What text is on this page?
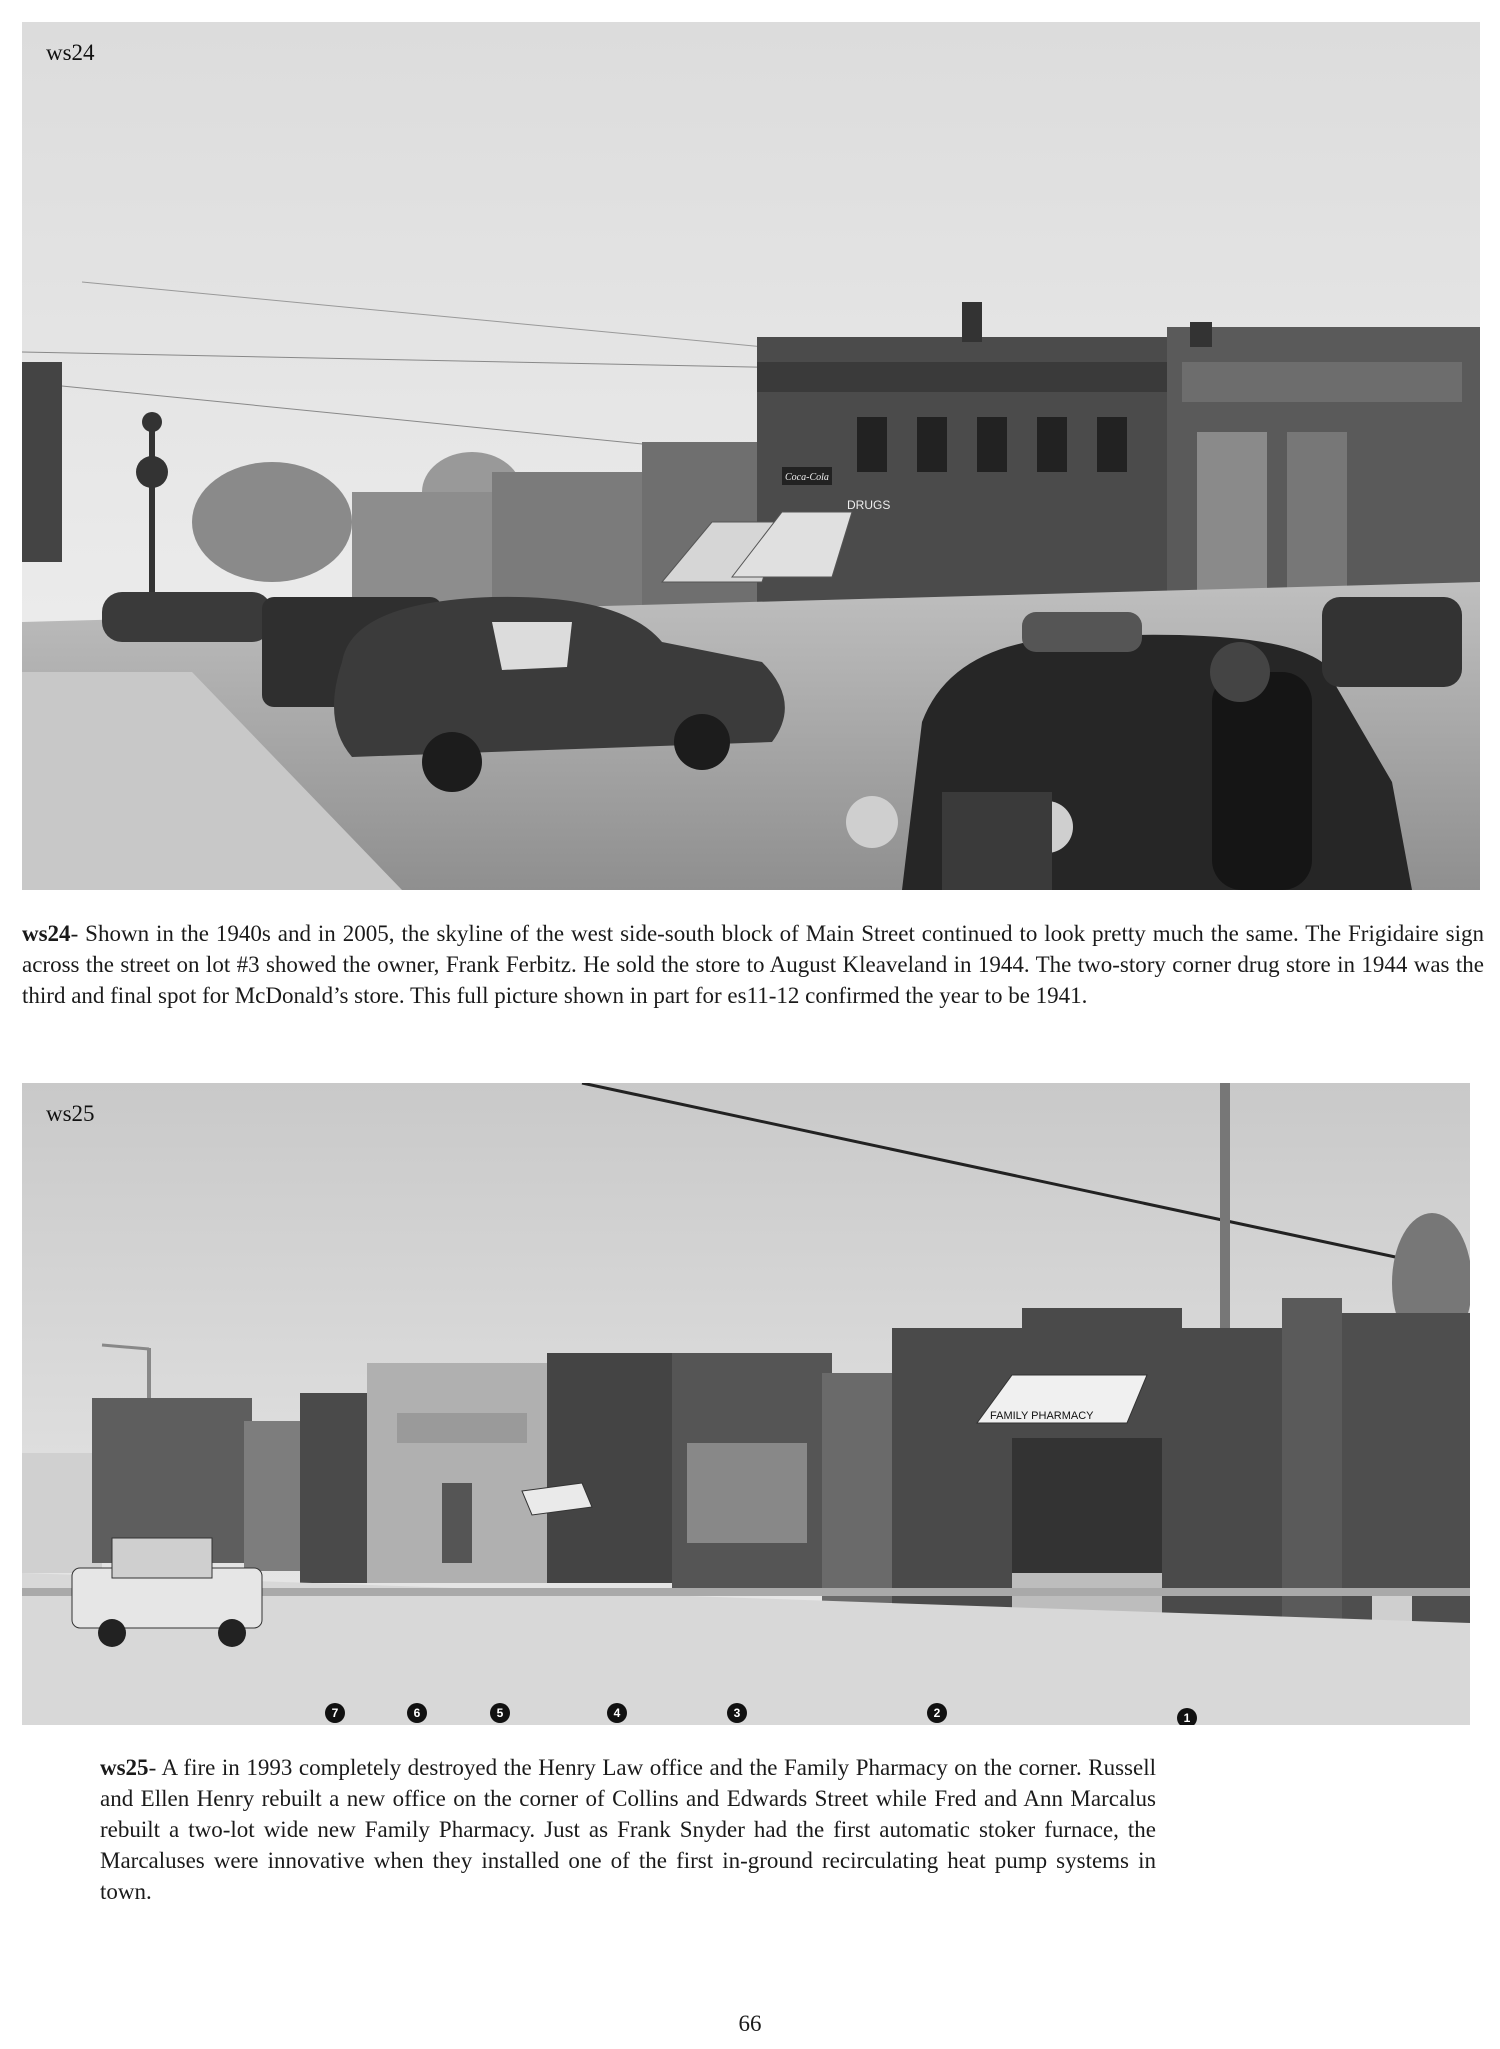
DRUGS
Coca-Cola
ws24
ws24- Shown in the 1940s and in 2005, the skyline of the west side-south block of Main Street continued to look pretty much the same. The Frigidaire sign across the street on lot #3 showed the owner, Frank Ferbitz. He sold the store to August Kleaveland in 1944. The two-story corner drug store in 1944 was the third and final spot for McDonald’s store. This full picture shown in part for es11-12 confirmed the year to be 1941.
FAMILY PHARMACY
7	6	5	4	3	2	1
ws25
ws25- A fire in 1993 completely destroyed the Henry Law office and the Family Pharmacy on the corner. Russell and Ellen Henry rebuilt a new office on the corner of Collins and Edwards Street while Fred and Ann Marcalus rebuilt a two-lot wide new Family Pharmacy. Just as Frank Snyder had the first automatic stoker furnace, the Marcaluses were innovative when they installed one of the first in-ground recirculating heat pump systems in town.
66
